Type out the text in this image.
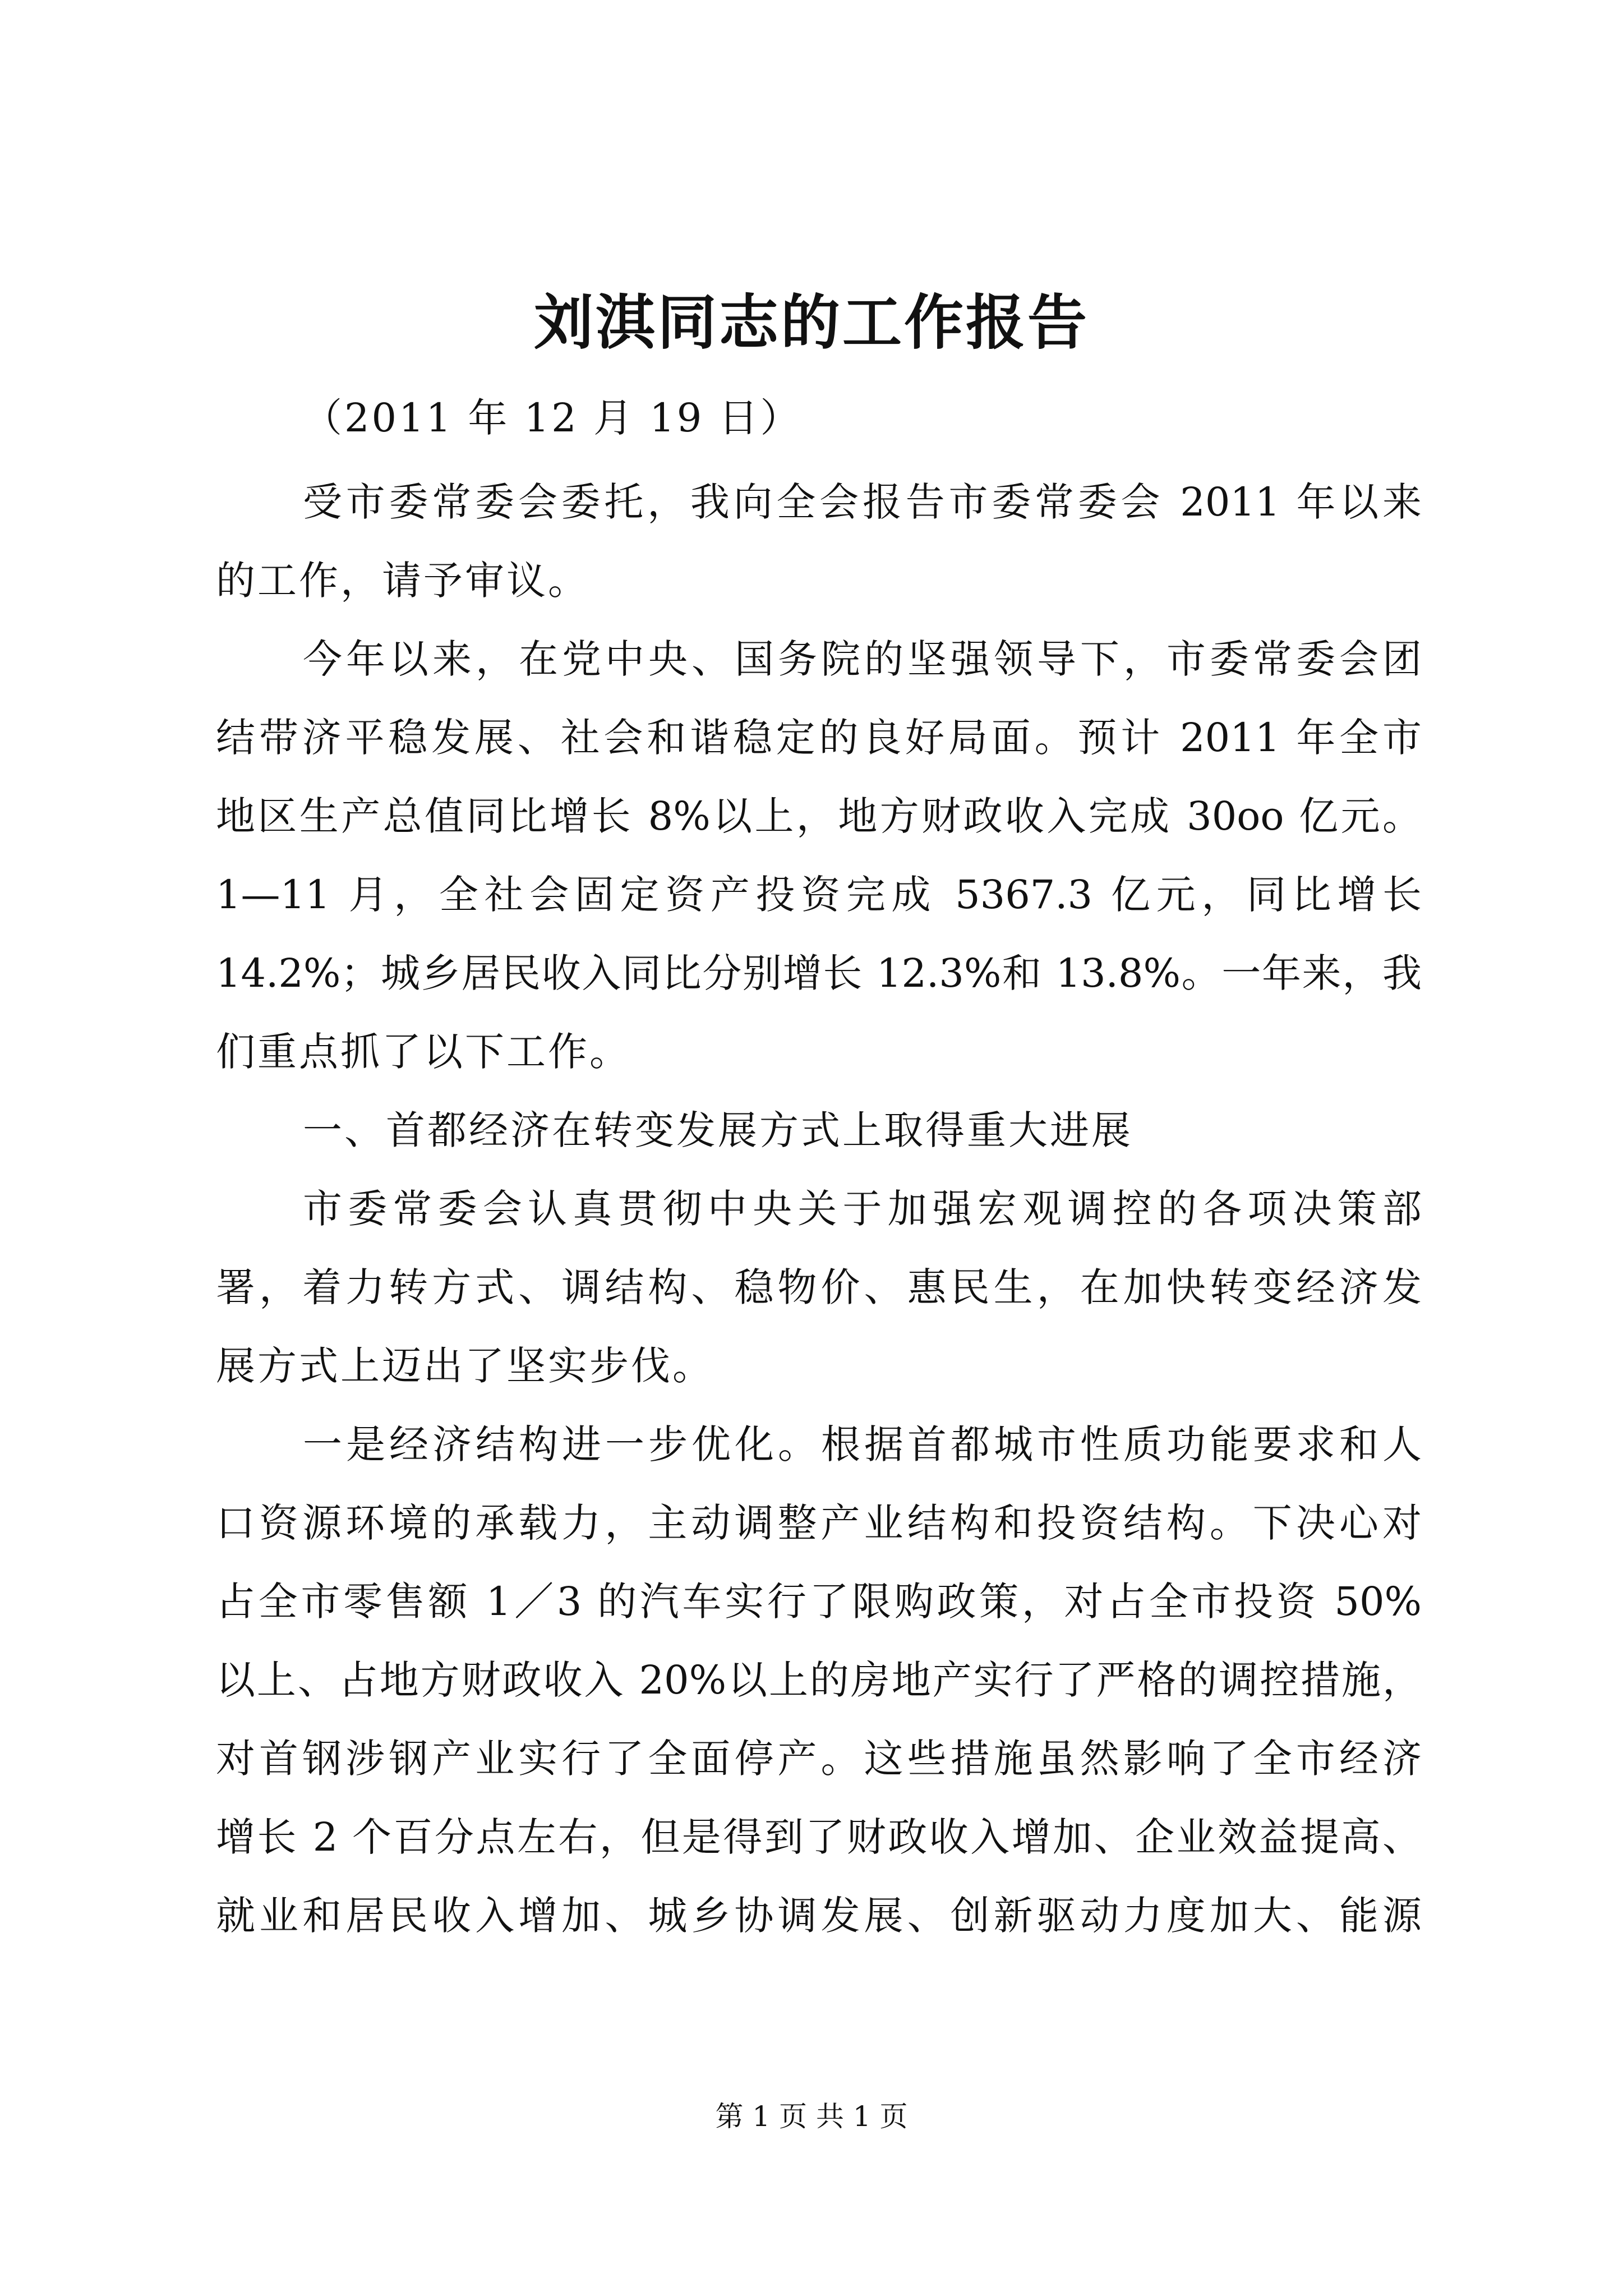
刘淇同志的工作报告
（2011 年 12 月 19 日）
受市委常委会委托，我向全会报告市委常委会 2011 年以来
的工作，请予审议。
今年以来，在党中央、国务院的坚强领导下，市委常委会团
结带济平稳发展、社会和谐稳定的良好局面。预计 2011 年全市
地区生产总值同比增长 8%以上，地方财政收入完成 30oo 亿元。
1—11 月，全社会固定资产投资完成 5367.3 亿元，同比增长
14.2%；城乡居民收入同比分别增长 12.3%和 13.8%。一年来，我
们重点抓了以下工作。
一、首都经济在转变发展方式上取得重大进展
市委常委会认真贯彻中央关于加强宏观调控的各项决策部
署，着力转方式、调结构、稳物价、惠民生，在加快转变经济发
展方式上迈出了坚实步伐。
一是经济结构进一步优化。根据首都城市性质功能要求和人
口资源环境的承载力，主动调整产业结构和投资结构。下决心对
占全市零售额 1／3 的汽车实行了限购政策，对占全市投资 50%
以上、占地方财政收入 20%以上的房地产实行了严格的调控措施，
对首钢涉钢产业实行了全面停产。这些措施虽然影响了全市经济
增长 2 个百分点左右，但是得到了财政收入增加、企业效益提高、
就业和居民收入增加、城乡协调发展、创新驱动力度加大、能源
第 1 页 共 1 页
